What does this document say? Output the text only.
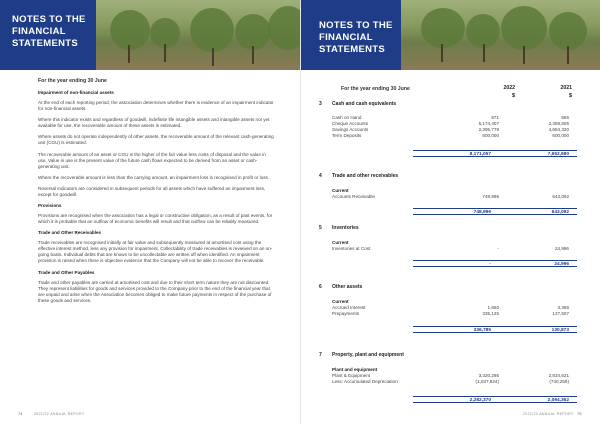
NOTES TO THE
FINANCIAL
STATEMENTS
For the year ending 30 June
Impairment of non-financial assets

At the end of each reporting period, the association determines whether there is evidence of an impairment indicator for non-financial assets.

Where this indicator exists and regardless of goodwill, indefinite life intangible assets and intangible assets not yet available for use, the recoverable amount of these assets is estimated.

Where assets do not operate independently of other assets, the recoverable amount of the relevant cash-generating unit (CGU) is estimated.

The recoverable amount of an asset or CGU is the higher of the fair value less costs of disposal and the value in use. Value in use is the present value of the future cash flows expected to be derived from an asset or cash-generating unit.

Where the recoverable amount is less than the carrying amount, an impairment loss is recognised in profit or loss.

Reversal indicators are considered in subsequent periods for all assets which have suffered an impairment loss, except for goodwill.

Provisions

Provisions are recognised when the association has a legal or constructive obligation, as a result of past events, for which it is probable that an outflow of economic benefits will result and that outflow can be reliably measured.

Trade and Other Receivables

Trade receivables are recognised initially at fair value and subsequently measured at amortised cost using the effective interest method, less any provision for impairment. Collectability of trade receivables is reviewed on an on-going basis. Individual debts that are known to be uncollectable are written off when identified. An impairment provision is raised when there is objective evidence that the Company will not be able to recover the receivable.

Trade and Other Payables

Trade and other payables are carried at amortised cost and due to their short term nature they are not discounted. They represent liabilities for goods and services provided to the Company prior to the end of the financial year that are unpaid and arise when the Association becomes obliged to make future payments in respect of the purchase of these goods and services.

74	2021/22 ANNUAL REPORT
NOTES TO THE
FINANCIAL
STATEMENTS
For the year ending 30 June	2022	2021
$	$
3 Cash and cash equivalents
Cash on Hand	871	855
Cheque Accounts	5,174,407	2,368,805
Savings Accounts	2,395,779	4,684,320
Term Deposits	600,000	600,000
8,171,057	7,652,980
4 Trade and other receivables
Current
Accounts Receivable	748,996	643,092
748,996	643,092
5 Inventories
Current
Inventories at Cost	-	24,996
-	24,996
6 Other assets
Current
Accrued Interest	1,660	3,366
Prepayments	335,125	127,507
336,785	130,873
7 Property, plant and equipment
Plant and equipment
Plant & Equipment	3,320,295	2,834,621
Less: Accumulated Depreciation	(1,037,924)	(740,259)
2,282,370	2,094,362
2021/22 ANNUAL REPORT 75
